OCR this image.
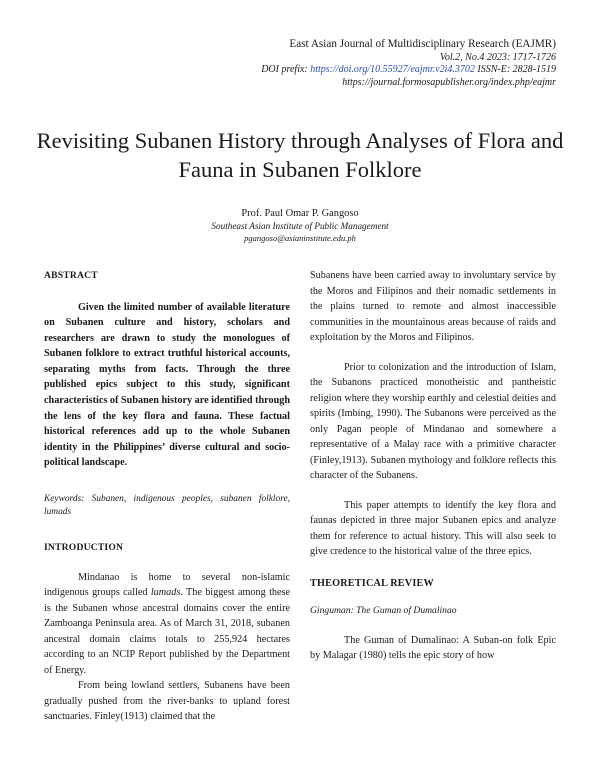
East Asian Journal of Multidisciplinary Research (EAJMR)
Vol.2, No.4 2023: 1717-1726
DOI prefix: https://doi.org/10.55927/eajmr.v2i4.3702 ISSN-E: 2828-1519
https://journal.formosapublisher.org/index.php/eajmr
Revisiting Subanen History through Analyses of Flora and Fauna in Subanen Folklore
Prof. Paul Omar P. Gangoso
Southeast Asian Institute of Public Management
pgangoso@asianinstitute.edu.ph

ABSTRACT

Given the limited number of available literature on Subanen culture and history, scholars and researchers are drawn to study the monologues of Subanen folklore to extract truthful historical accounts, separating myths from facts. Through the three published epics subject to this study, significant characteristics of Subanen history are identified through the lens of the key flora and fauna. These factual historical references add up to the whole Subanen identity in the Philippines’ diverse cultural and socio-political landscape.

Keywords: Subanen, indigenous peoples, subanen folklore, lumads

INTRODUCTION

Mindanao is home to several non-islamic indigenous groups called lumads. The biggest among these is the Subanen whose ancestral domains cover the entire Zamboanga Peninsula area. As of March 31, 2018, subanen ancestral domain claims totals to 255,924 hectares according to an NCIP Report published by the Department of Energy.

From being lowland settlers, Subanens have been gradually pushed from the river-banks to upland forest sanctuaries. Finley(1913) claimed that the

Subanens have been carried away to involuntary service by the Moros and Filipinos and their nomadic settlements in the plains turned to remote and almost inaccessible communities in the mountainous areas because of raids and exploitation by the Moros and Filipinos.

Prior to colonization and the introduction of Islam, the Subanons practiced monotheistic and pantheistic religion where they worship earthly and celestial deities and spirits (Imbing, 1990). The Subanons were perceived as the only Pagan people of Mindanao and somewhere a representative of a Malay race with a primitive character (Finley,1913). Subanen mythology and folklore reflects this character of the Subanens.

This paper attempts to identify the key flora and faunas depicted in three major Subanen epics and analyze them for reference to actual history. This will also seek to give credence to the historical value of the three epics.

THEORETICAL REVIEW

Ginguman: The Guman of Dumalinao

The Guman of Dumalinao: A Suban-on folk Epic by Malagar (1980) tells the epic story of how
